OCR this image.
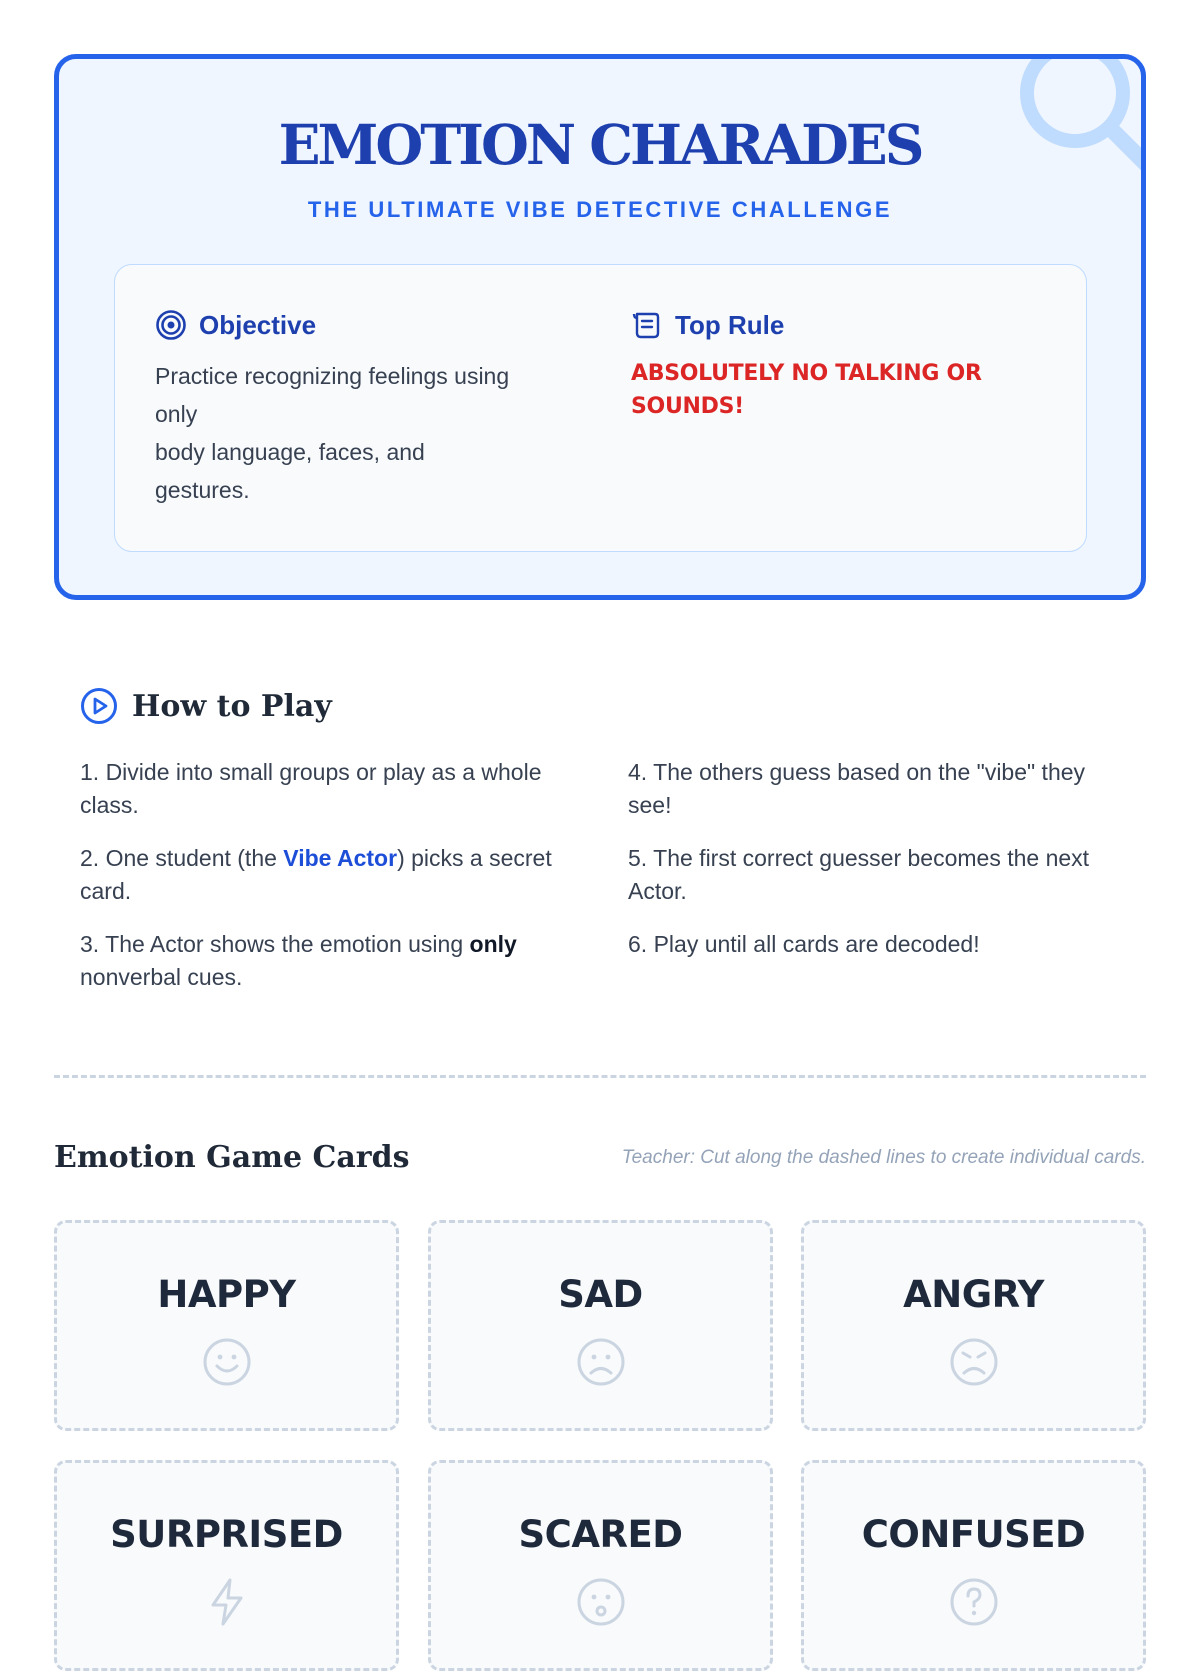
EMOTION CHARADES
THE ULTIMATE VIBE DETECTIVE CHALLENGE
Objective
Practice recognizing feelings using
only
body language, faces, and
gestures.
Top Rule
ABSOLUTELY NO TALKING OR
SOUNDS!
How to Play
1. Divide into small groups or play as a whole class.
2. One student (the Vibe Actor) picks a secret card.
3. The Actor shows the emotion using only nonverbal cues.
4. The others guess based on the "vibe" they see!
5. The first correct guesser becomes the next Actor.
6. Play until all cards are decoded!
Emotion Game Cards	Teacher: Cut along the dashed lines to create individual cards.
HAPPY	SAD	ANGRY
SURPRISED	SCARED	CONFUSED
